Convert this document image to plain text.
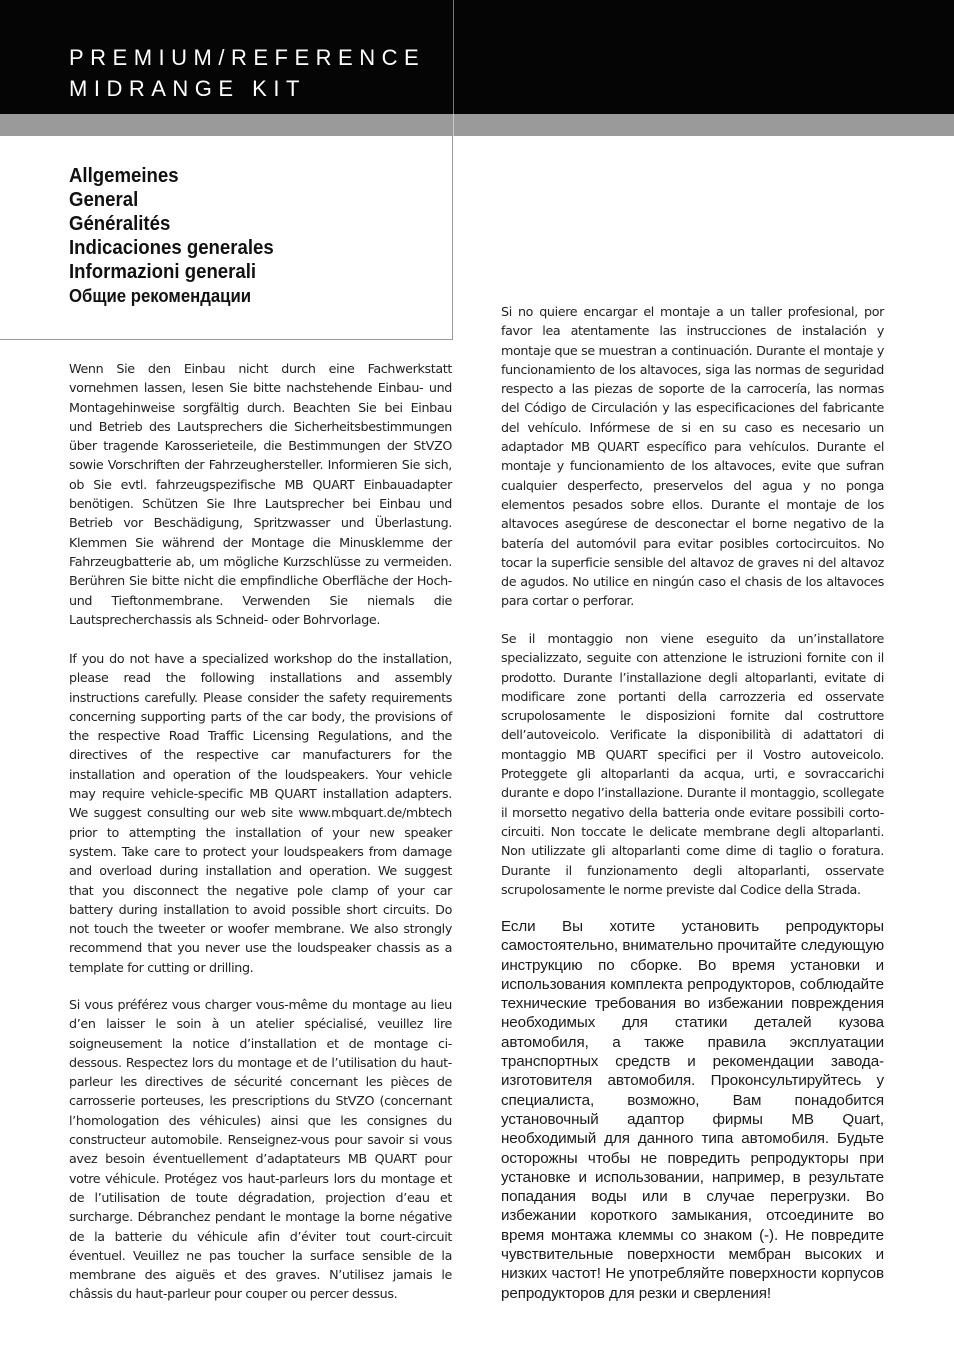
PREMIUM/REFERENCE
MIDRANGE KIT
Allgemeines
General
Généralités
Indicaciones generales
Informazioni generali
Общие рекомендации

Wenn Sie den Einbau nicht durch eine Fachwerkstatt vornehmen lassen, lesen Sie bitte nachstehende Einbau- und Montagehinweise sorgfältig durch. Beachten Sie bei Einbau und Betrieb des Lautsprechers die Sicherheitsbestimmungen über tragende Karosserieteile, die Bestimmungen der StVZO sowie Vorschriften der Fahrzeughersteller. Informieren Sie sich, ob Sie evtl. fahrzeugspezifische MB QUART Einbauadapter benötigen. Schützen Sie Ihre Lautsprecher bei Einbau und Betrieb vor Beschädigung, Spritzwasser und Überlastung. Klemmen Sie während der Montage die Minusklemme der Fahrzeugbatterie ab, um mögliche Kurzschlüsse zu vermeiden. Berühren Sie bitte nicht die empfindliche Oberfläche der Hoch- und Tieftonmembrane. Verwenden Sie niemals die Lautsprecherchassis als Schneid- oder Bohrvorlage.

If you do not have a specialized workshop do the installation, please read the following installations and assembly instructions carefully. Please consider the safety requirements concerning supporting parts of the car body, the provisions of the respective Road Traffic Licensing Regulations, and the directives of the respective car manufacturers for the installation and operation of the loudspeakers. Your vehicle may require vehicle-specific MB QUART installation adapters. We suggest consulting our web site www.mbquart.de/mbtech prior to attempting the installation of your new speaker system. Take care to protect your loudspeakers from damage and overload during installation and operation. We suggest that you disconnect the negative pole clamp of your car battery during installation to avoid possible short circuits. Do not touch the tweeter or woofer membrane. We also strongly recommend that you never use the loudspeaker chassis as a template for cutting or drilling.

Si vous préférez vous charger vous-même du montage au lieu d’en laisser le soin à un atelier spécialisé, veuillez lire soigneusement la notice d’installation et de montage ci-dessous. Respectez lors du montage et de l’utilisation du haut-parleur les directives de sécurité concernant les pièces de carrosserie porteuses, les prescriptions du StVZO (concernant l’homologation des véhicules) ainsi que les consignes du constructeur automobile. Renseignez-vous pour savoir si vous avez besoin éventuellement d’adaptateurs MB QUART pour votre véhicule. Protégez vos haut-parleurs lors du montage et de l’utilisation de toute dégradation, projection d’eau et surcharge. Débranchez pendant le montage la borne négative de la batterie du véhicule afin d’éviter tout court-circuit éventuel. Veuillez ne pas toucher la surface sensible de la membrane des aiguës et des graves. N’utilisez jamais le châssis du haut-parleur pour couper ou percer dessus.

Si no quiere encargar el montaje a un taller profesional, por favor lea atentamente las instrucciones de instalación y montaje que se muestran a continuación. Durante el montaje y funcionamiento de los altavoces, siga las normas de seguridad respecto a las piezas de soporte de la carrocería, las normas del Código de Circulación y las especificaciones del fabricante del vehículo. Infórmese de si en su caso es necesario un adaptador MB QUART específico para vehículos. Durante el montaje y funcionamiento de los altavoces, evite que sufran cualquier desperfecto, preservelos del agua y no ponga elementos pesados sobre ellos. Durante el montaje de los altavoces asegúrese de desconectar el borne negativo de la batería del automóvil para evitar posibles cortocircuitos. No tocar la superficie sensible del altavoz de graves ni del altavoz de agudos. No utilice en ningún caso el chasis de los altavoces para cortar o perforar.

Se il montaggio non viene eseguito da un’installatore specializzato, seguite con attenzione le istruzioni fornite con il prodotto. Durante l’installazione degli altoparlanti, evitate di modificare zone portanti della carrozzeria ed osservate scrupolosamente le disposizioni fornite dal costruttore dell’autoveicolo. Verificate la disponibilità di adattatori di montaggio MB QUART specifici per il Vostro autoveicolo. Proteggete gli altoparlanti da acqua, urti, e sovraccarichi durante e dopo l’installazione. Durante il montaggio, scollegate il morsetto negativo della batteria onde evitare possibili corto-circuiti. Non toccate le delicate membrane degli altoparlanti. Non utilizzate gli altoparlanti come dime di taglio o foratura. Durante il funzionamento degli altoparlanti, osservate scrupolosamente le norme previste dal Codice della Strada.

Если Вы хотите установить репродукторы самостоятельно, внимательно прочитайте следующую инструкцию по сборке. Во время установки и использования комплекта репродукторов, соблюдайте технические требования во избежании повреждения необходимых для статики деталей кузова автомобиля, а также правила эксплуатации транспортных средств и рекомендации завода-изготовителя автомобиля. Проконсультируйтесь у специалиста, возможно, Вам понадобится установочный адаптор фирмы MB Quart, необходимый для данного типа автомобиля. Будьте осторожны чтобы не повредить репродукторы при установке и использовании, например, в результате попадания воды или в случае перегрузки. Во избежании короткого замыкания, отсоедините во время монтажа клеммы со знаком (-). Не повредите чувствительные поверхности мембран высоких и низких частот! Не употребляйте поверхности корпусов репродукторов для резки и сверления!
